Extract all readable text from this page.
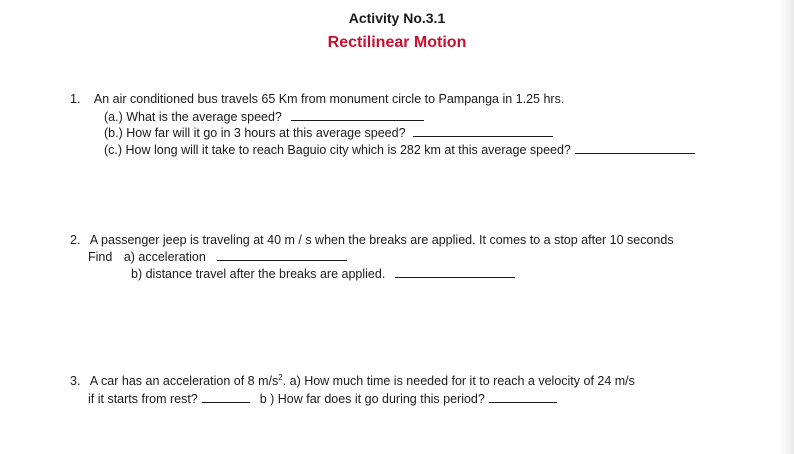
Activity No.3.1
Rectilinear Motion
1. An air conditioned bus travels 65 Km from monument circle to Pampanga in 1.25 hrs.
(a.) What is the average speed?
(b.) How far will it go in 3 hours at this average speed?
(c.) How long will it take to reach Baguio city which is 282 km at this average speed?
2. A passenger jeep is traveling at 40 m / s when the breaks are applied. It comes to a stop after 10 seconds
Find a) acceleration
b) distance travel after the breaks are applied.
3. A car has an acceleration of 8 $m/s^2$. a) How much time is needed for it to reach a velocity of 24 m/s
if it starts from rest?	b ) How far does it go during this period?
